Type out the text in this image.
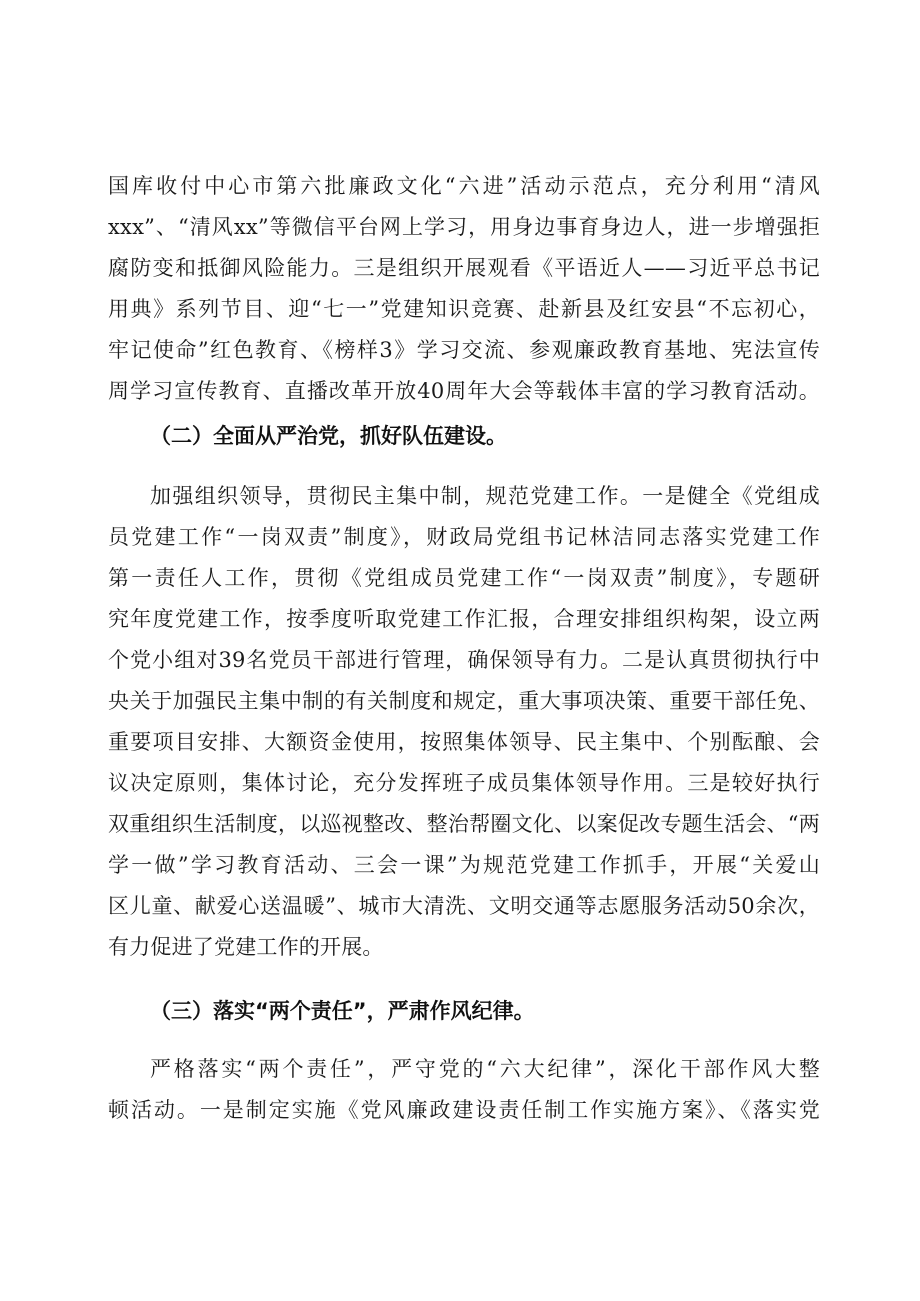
国库收付中心市第六批廉政文化“六进”活动示范点，充分利用“清风
xxx”、“清风xx”等微信平台网上学习，用身边事育身边人，进一步增强拒
腐防变和抵御风险能力。三是组织开展观看《平语近人——习近平总书记
用典》系列节目、迎“七一”党建知识竞赛、赴新县及红安县“不忘初心，
牢记使命”红色教育、《榜样3》学习交流、参观廉政教育基地、宪法宣传
周学习宣传教育、直播改革开放40周年大会等载体丰富的学习教育活动。
（二）全面从严治党，抓好队伍建设。
加强组织领导，贯彻民主集中制，规范党建工作。一是健全《党组成
员党建工作“一岗双责”制度》，财政局党组书记林洁同志落实党建工作
第一责任人工作，贯彻《党组成员党建工作“一岗双责”制度》，专题研
究年度党建工作，按季度听取党建工作汇报，合理安排组织构架，设立两
个党小组对39名党员干部进行管理，确保领导有力。二是认真贯彻执行中
央关于加强民主集中制的有关制度和规定，重大事项决策、重要干部任免、
重要项目安排、大额资金使用，按照集体领导、民主集中、个别酝酿、会
议决定原则，集体讨论，充分发挥班子成员集体领导作用。三是较好执行
双重组织生活制度，以巡视整改、整治帮圈文化、以案促改专题生活会、“两
学一做”学习教育活动、三会一课”为规范党建工作抓手，开展“关爱山
区儿童、献爱心送温暖”、城市大清洗、文明交通等志愿服务活动50余次，
有力促进了党建工作的开展。
（三）落实“两个责任”，严肃作风纪律。
严格落实“两个责任”，严守党的“六大纪律”，深化干部作风大整
顿活动。一是制定实施《党风廉政建设责任制工作实施方案》、《落实党
